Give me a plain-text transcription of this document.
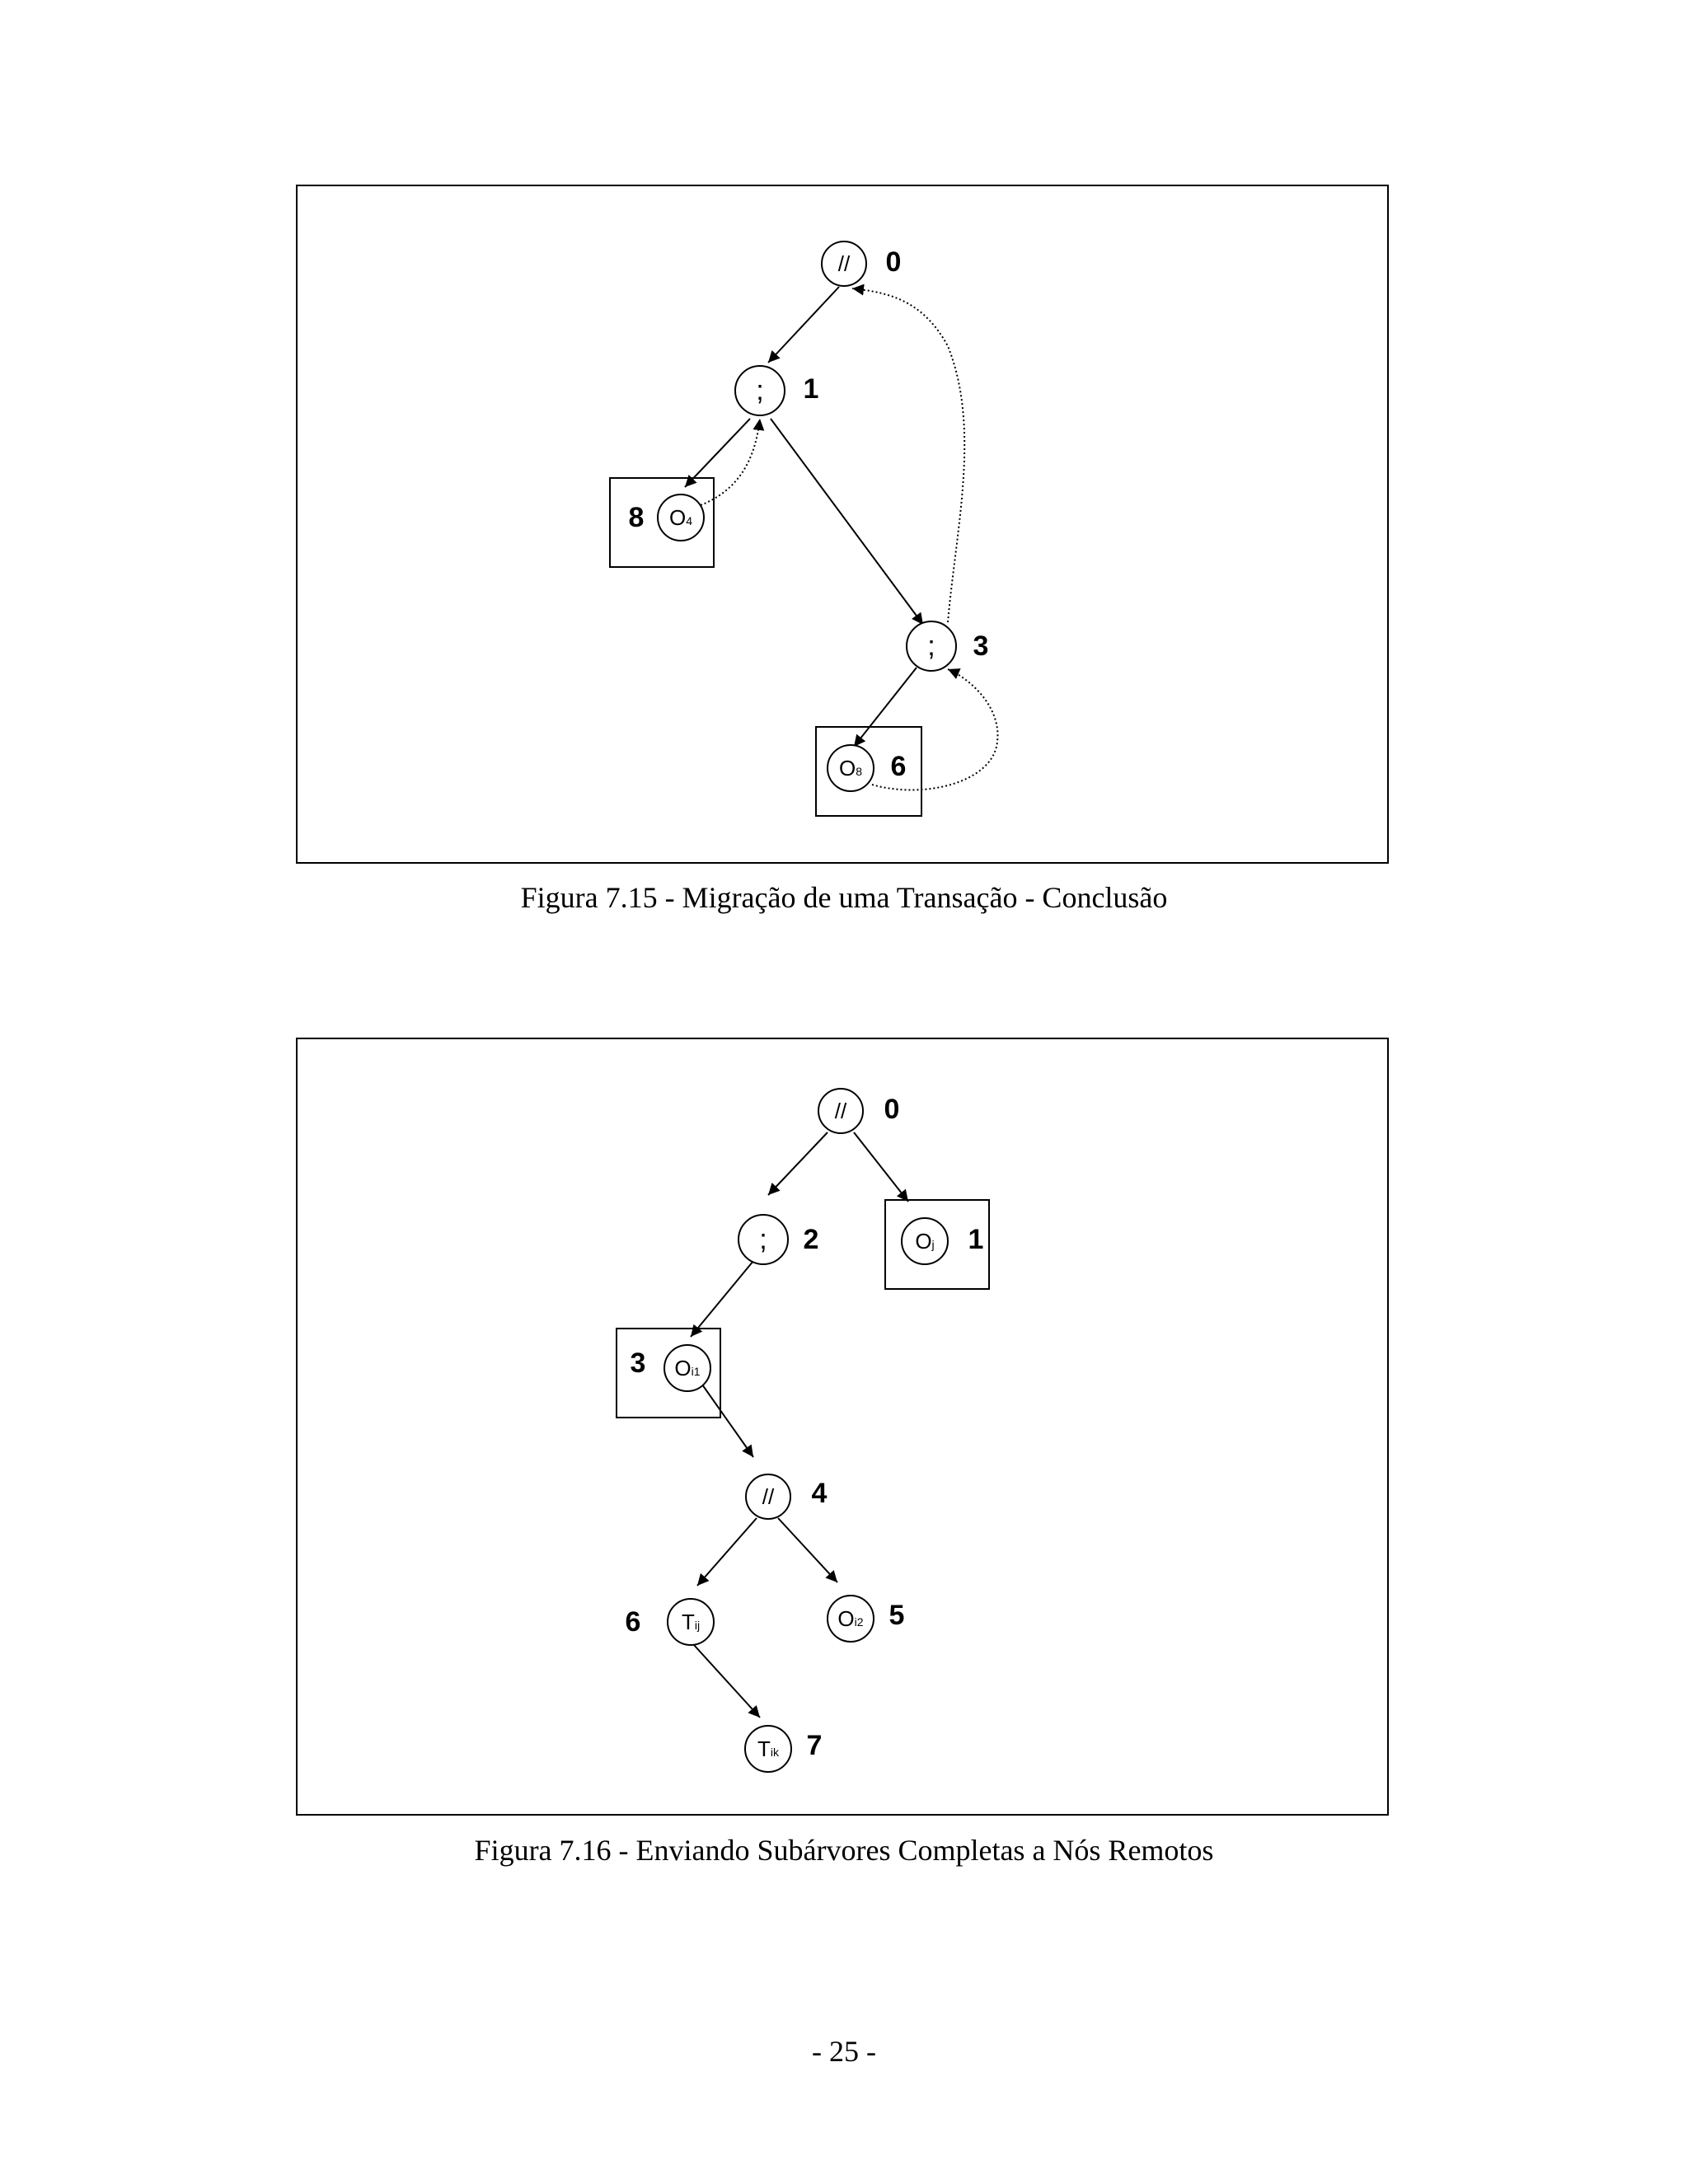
// 0
; 1
O4
8
; 3
O8 6
// 0
; 2	Oj 1
Oi1
3
// 4
Tij
6	Oi2 5
Tik 7
Figura 7.15 - Migração de uma Transação - Conclusão
Figura 7.16 - Enviando Subárvores Completas a Nós Remotos
- 25 -
